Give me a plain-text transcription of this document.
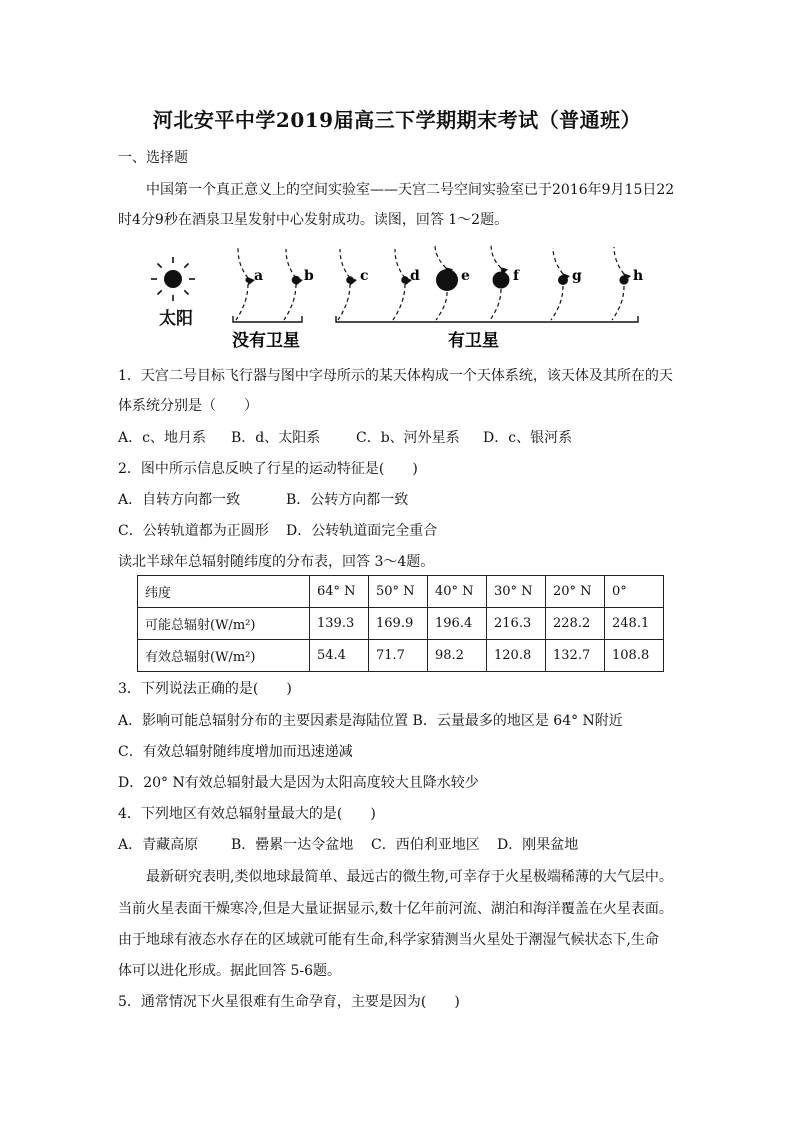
河北安平中学2019届高三下学期期末考试（普通班）
一、选择题
中国第一个真正意义上的空间实验室——天宫二号空间实验室已于2016年9月15日22
时4分9秒在酒泉卫星发射中心发射成功。读图，回答 1～2题。
太阳
a	b	c	d	e	f	g	h
没有卫星	有卫星
1．天宫二号目标飞行器与图中字母所示的某天体构成一个天体系统，该天体及其所在的天
体系统分别是（　　）
A．c、地月系 B．d、太阳系	C．b、河外星系 D．c、银河系
2．图中所示信息反映了行星的运动特征是(　　)
A．自转方向都一致	B．公转方向都一致
C．公转轨道都为正圆形 D．公转轨道面完全重合
读北半球年总辐射随纬度的分布表，回答 3～4题。
纬度	64° N	50° N	40° N	30° N	20° N	0°
可能总辐射(W/m²)	139.3	169.9	196.4	216.3	228.2	248.1
有效总辐射(W/m²)	54.4	71.7	98.2	120.8	132.7	108.8
3．下列说法正确的是(　　)
A．影响可能总辐射分布的主要因素是海陆位置 B．云量最多的地区是 64° N附近
C．有效总辐射随纬度增加而迅速递减
D．20° N有效总辐射最大是因为太阳高度较大且降水较少
4．下列地区有效总辐射量最大的是(　　)
A．青藏高原 B．罍累一达令盆地 C．西伯利亚地区 D．刚果盆地
最新研究表明,类似地球最简单、最远古的微生物,可幸存于火星极端稀薄的大气层中。
当前火星表面干燥寒冷,但是大量证据显示,数十亿年前河流、湖泊和海洋覆盖在火星表面。
由于地球有液态水存在的区域就可能有生命,科学家猜测当火星处于潮湿气候状态下,生命
体可以进化形成。据此回答 5-6题。
5．通常情况下火星很难有生命孕育，主要是因为(　　)
